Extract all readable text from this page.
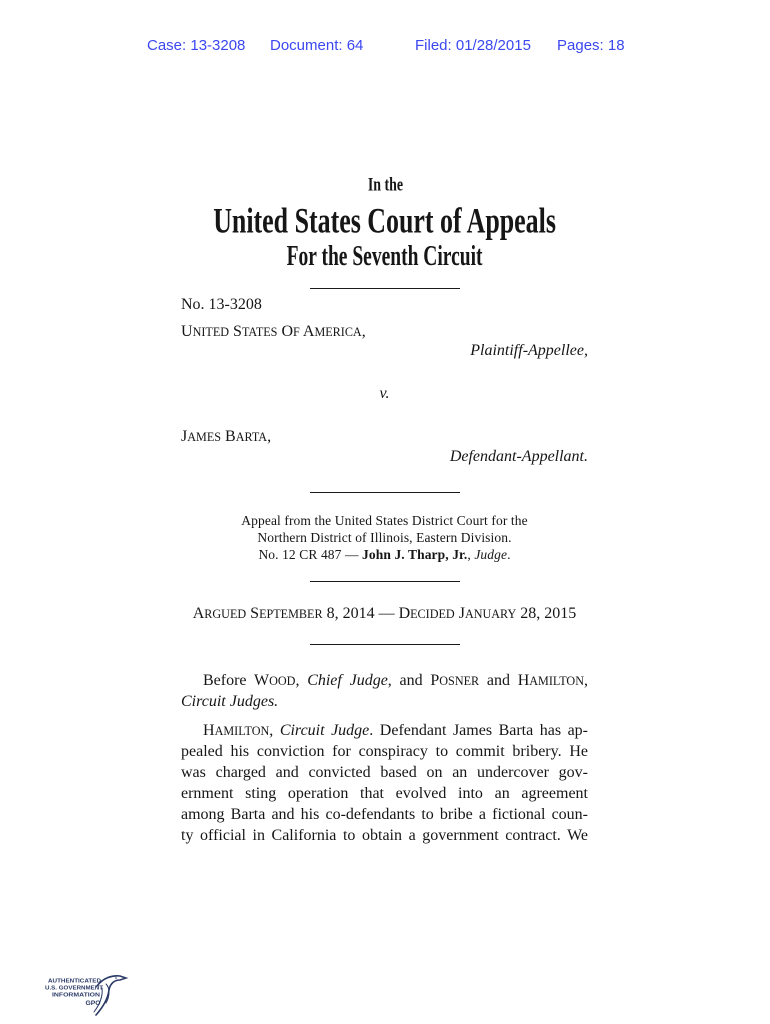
Case: 13-3208 Document: 64	Filed: 01/28/2015 Pages: 18
In the
United States Court of Appeals
For the Seventh Circuit
No. 13-3208
UNITED STATES OF AMERICA,
Plaintiff-Appellee,
v.
JAMES BARTA,
Defendant-Appellant.
Appeal from the United States District Court for the
Northern District of Illinois, Eastern Division.
No. 12 CR 487 — John J. Tharp, Jr., Judge.
ARGUED SEPTEMBER 8, 2014 — DECIDED JANUARY 28, 2015
Before WOOD, Chief Judge, and POSNER and HAMILTON,
Circuit Judges.
HAMILTON, Circuit Judge. Defendant James Barta has ap-
pealed his conviction for conspiracy to commit bribery. He
was charged and convicted based on an undercover gov-
ernment sting operation that evolved into an agreement
among Barta and his co-defendants to bribe a fictional coun-
ty official in California to obtain a government contract. We
AUTHENTICATED
U.S. GOVERNMENT
INFORMATION
GPO
